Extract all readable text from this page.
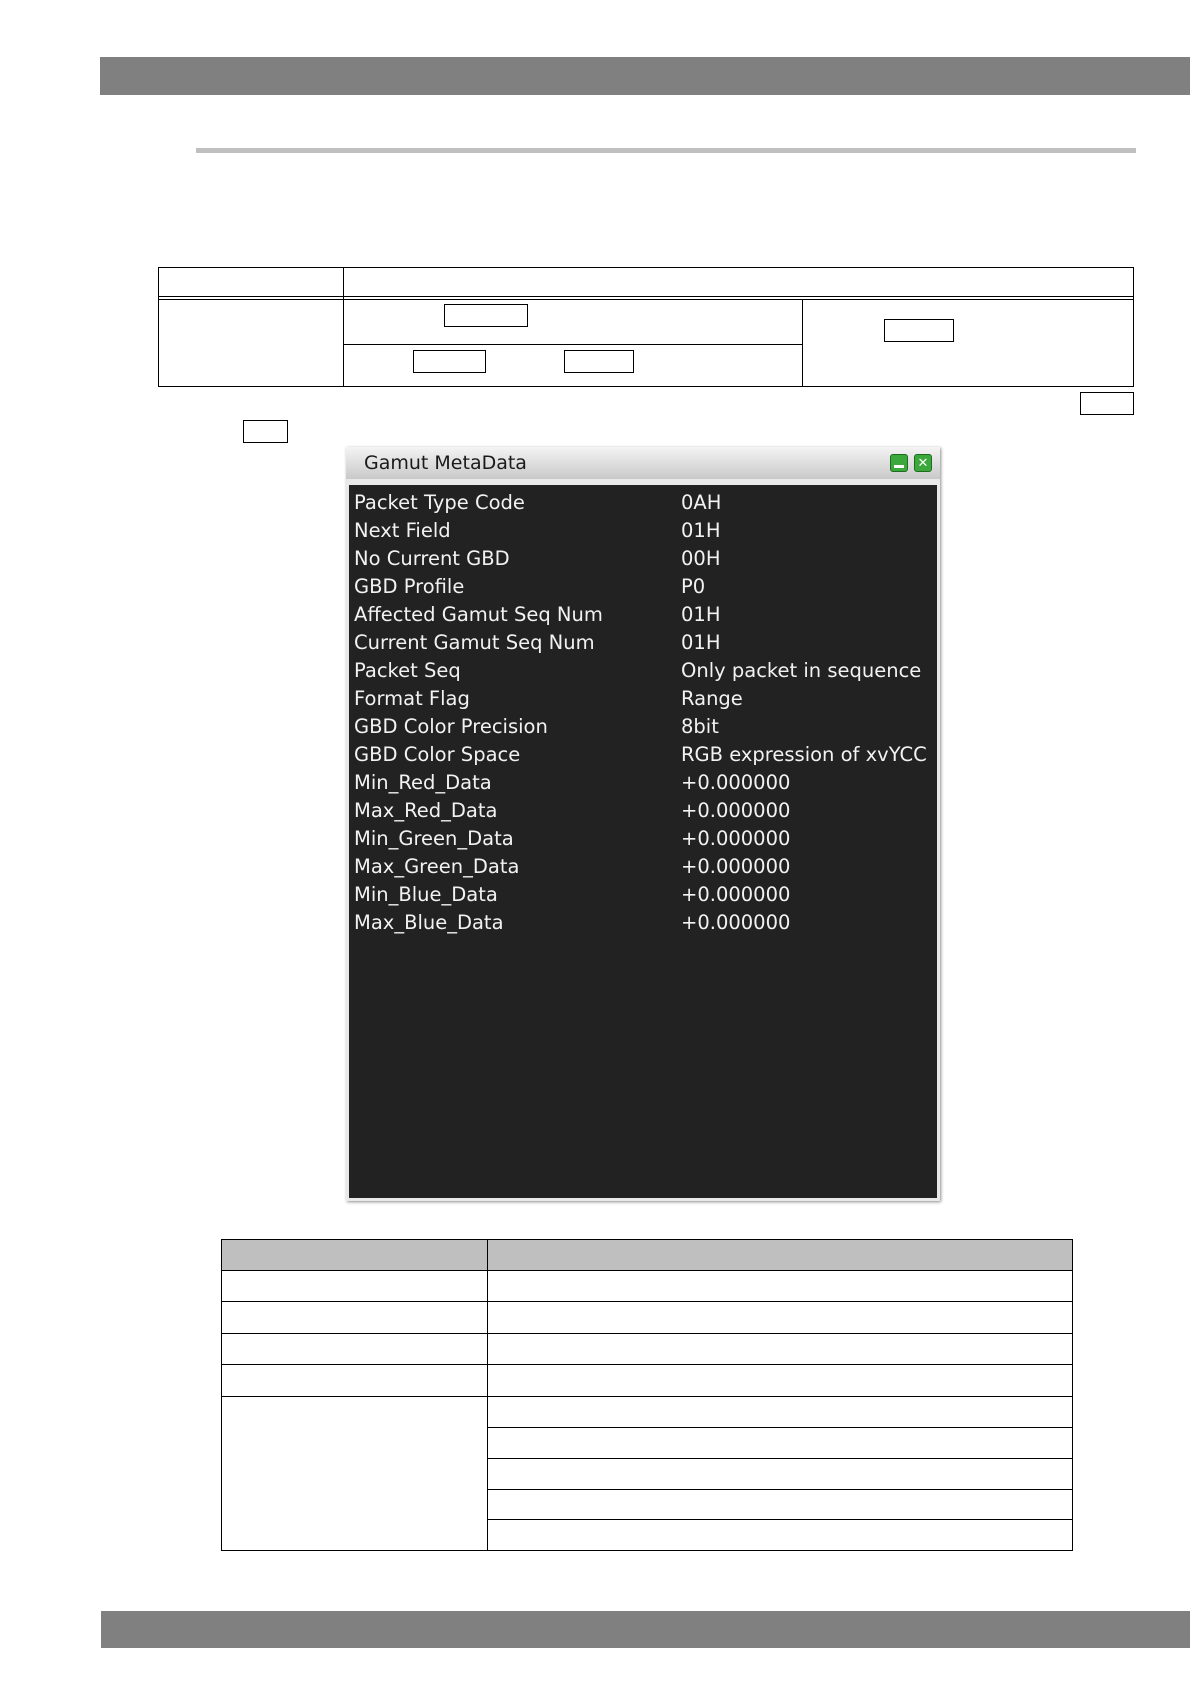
Gamut MetaData	✕
Packet Type Code	0AH
Next Field	01H
No Current GBD	00H
GBD Profile	P0
Affected Gamut Seq Num	01H
Current Gamut Seq Num	01H
Packet Seq	Only packet in sequence
Format Flag	Range
GBD Color Precision	8bit
GBD Color Space	RGB expression of xvYCC
Min_Red_Data	+0.000000
Max_Red_Data	+0.000000
Min_Green_Data	+0.000000
Max_Green_Data	+0.000000
Min_Blue_Data	+0.000000
Max_Blue_Data	+0.000000
